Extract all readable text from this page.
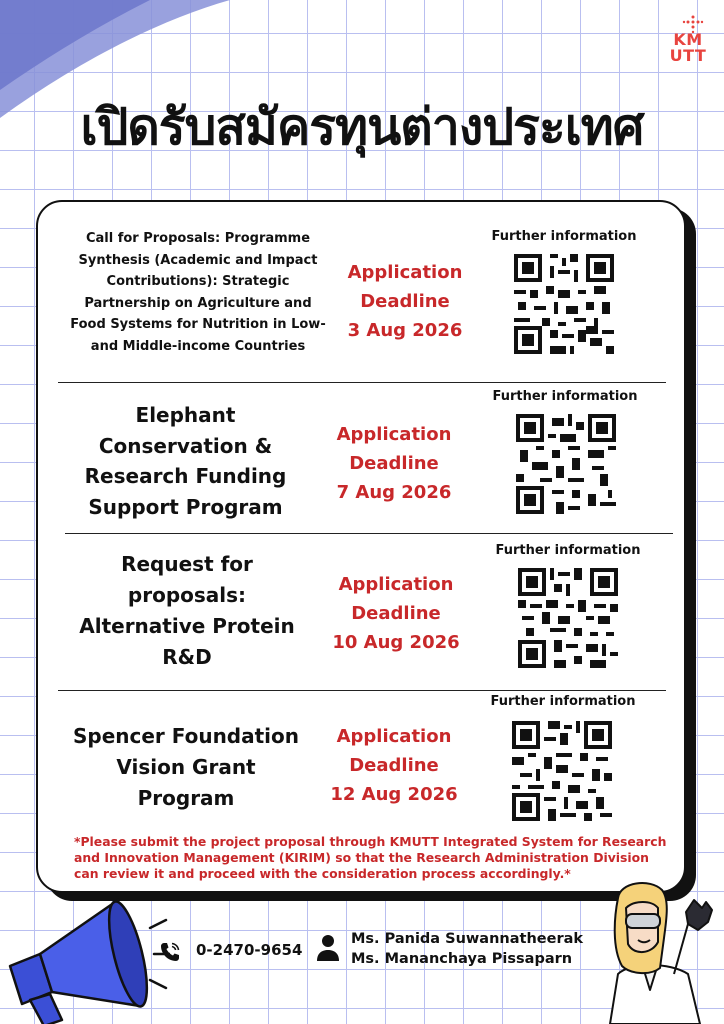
KM
UTT
เปิดรับสมัครทุนต่างประเทศ
Call for Proposals: Programme Synthesis (Academic and Impact Contributions): Strategic Partnership on Agriculture and Food Systems for Nutrition in Low- and Middle-income Countries
Application
Deadline
3 Aug 2026
Further information
Elephant Conservation & Research Funding Support Program
Application
Deadline
7 Aug 2026
Further information
Request for proposals: Alternative Protein R&D
Application
Deadline
10 Aug 2026
Further information
Spencer Foundation Vision Grant Program
Application
Deadline
12 Aug 2026
Further information
*Please submit the project proposal through KMUTT Integrated System for Research and Innovation Management (KIRIM) so that the Research Administration Division can review it and proceed with the consideration process accordingly.*
0-2470-9654
Ms. Panida Suwannatheerak
Ms. Mananchaya Pissaparn
